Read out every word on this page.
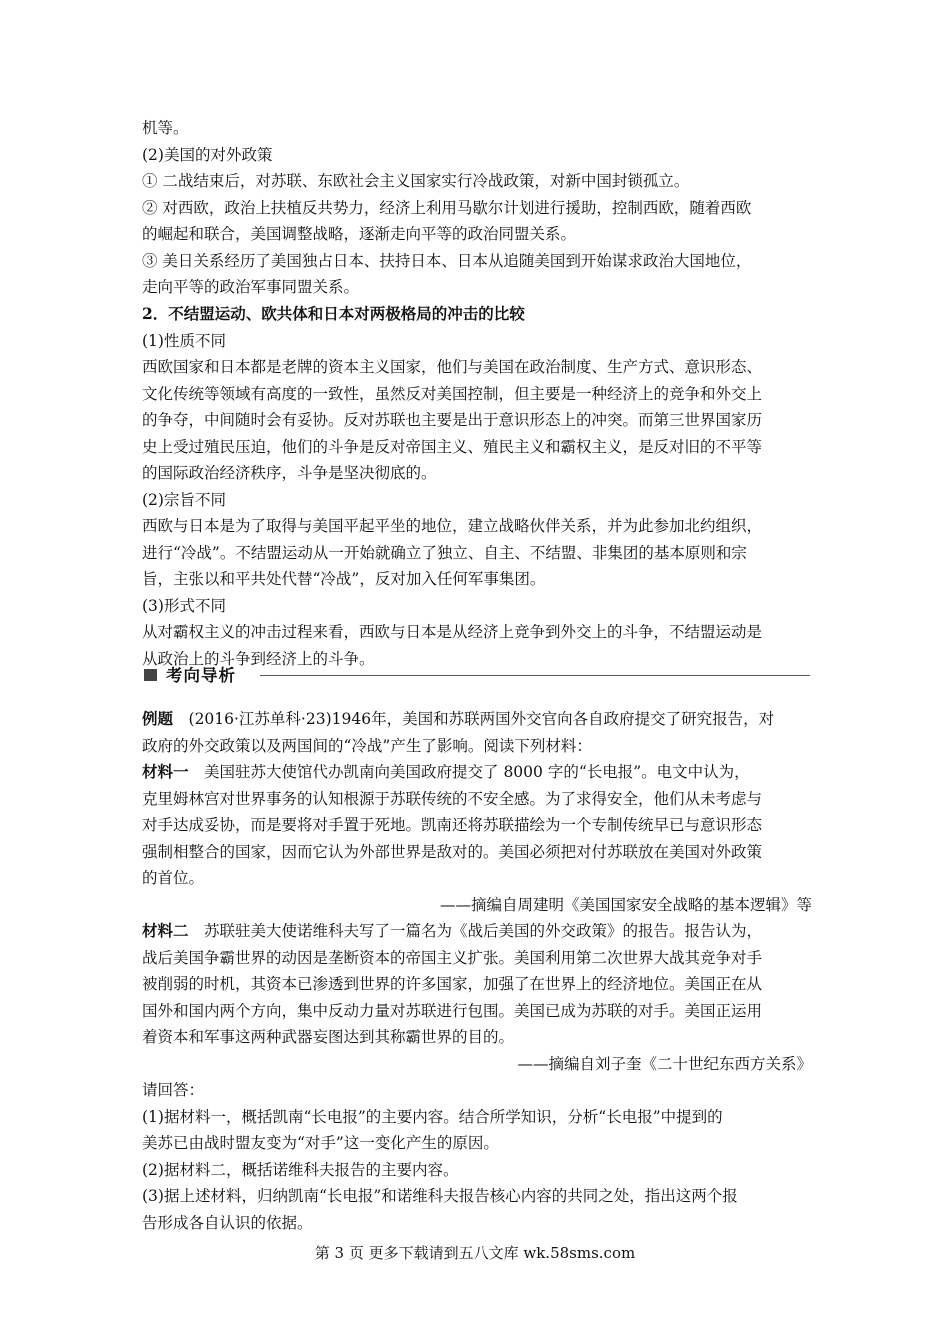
机等。

(2)美国的对外政策

① 二战结束后，对苏联、东欧社会主义国家实行冷战政策，对新中国封锁孤立。

② 对西欧，政治上扶植反共势力，经济上利用马歇尔计划进行援助，控制西欧，随着西欧

的崛起和联合，美国调整战略，逐渐走向平等的政治同盟关系。

③ 美日关系经历了美国独占日本、扶持日本、日本从追随美国到开始谋求政治大国地位，

走向平等的政治军事同盟关系。

2．不结盟运动、欧共体和日本对两极格局的冲击的比较

(1)性质不同

西欧国家和日本都是老牌的资本主义国家，他们与美国在政治制度、生产方式、意识形态、

文化传统等领域有高度的一致性，虽然反对美国控制，但主要是一种经济上的竞争和外交上

的争夺，中间随时会有妥协。反对苏联也主要是出于意识形态上的冲突。而第三世界国家历

史上受过殖民压迫，他们的斗争是反对帝国主义、殖民主义和霸权主义，是反对旧的不平等

的国际政治经济秩序，斗争是坚决彻底的。

(2)宗旨不同

西欧与日本是为了取得与美国平起平坐的地位，建立战略伙伴关系，并为此参加北约组织，

进行“冷战”。不结盟运动从一开始就确立了独立、自主、不结盟、非集团的基本原则和宗

旨，主张以和平共处代替“冷战”，反对加入任何军事集团。

(3)形式不同

从对霸权主义的冲击过程来看，西欧与日本是从经济上竞争到外交上的斗争，不结盟运动是

从政治上的斗争到经济上的斗争。

考向导析

例题　(2016·江苏单科·23)1946年，美国和苏联两国外交官向各自政府提交了研究报告，对

政府的外交政策以及两国间的“冷战”产生了影响。阅读下列材料：

材料一　美国驻苏大使馆代办凯南向美国政府提交了 8000 字的“长电报”。电文中认为，

克里姆林宫对世界事务的认知根源于苏联传统的不安全感。为了求得安全，他们从未考虑与

对手达成妥协，而是要将对手置于死地。凯南还将苏联描绘为一个专制传统早已与意识形态

强制相整合的国家，因而它认为外部世界是敌对的。美国必须把对付苏联放在美国对外政策

的首位。

——摘编自周建明《美国国家安全战略的基本逻辑》等

材料二　苏联驻美大使诺维科夫写了一篇名为《战后美国的外交政策》的报告。报告认为，

战后美国争霸世界的动因是垄断资本的帝国主义扩张。美国利用第二次世界大战其竞争对手

被削弱的时机，其资本已渗透到世界的许多国家，加强了在世界上的经济地位。美国正在从

国外和国内两个方向，集中反动力量对苏联进行包围。美国已成为苏联的对手。美国正运用

着资本和军事这两种武器妄图达到其称霸世界的目的。

——摘编自刘子奎《二十世纪东西方关系》

请回答：

(1)据材料一，概括凯南“长电报”的主要内容。结合所学知识，分析“长电报”中提到的

美苏已由战时盟友变为“对手”这一变化产生的原因。

(2)据材料二，概括诺维科夫报告的主要内容。

(3)据上述材料，归纳凯南“长电报”和诺维科夫报告核心内容的共同之处，指出这两个报

告形成各自认识的依据。

第 3 页 更多下载请到五八文库 wk.58sms.com
